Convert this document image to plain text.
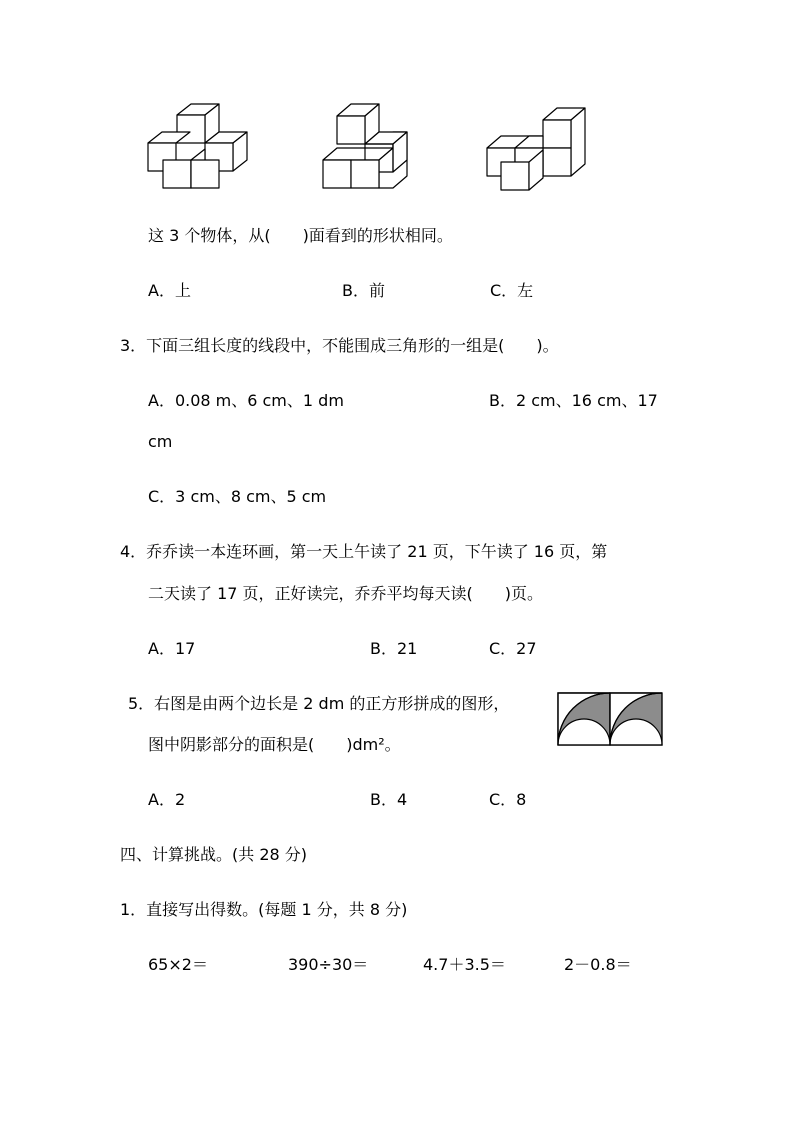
这 3 个物体，从(　　)面看到的形状相同。
A．上	B．前	C．左
3．下面三组长度的线段中，不能围成三角形的一组是(　　)。
A．0.08 m、6 cm、1 dm	B．2 cm、16 cm、17
cm
C．3 cm、8 cm、5 cm
4．乔乔读一本连环画，第一天上午读了 21 页，下午读了 16 页，第
二天读了 17 页，正好读完，乔乔平均每天读(　　)页。
A．17	B．21	C．27
5．右图是由两个边长是 2 dm 的正方形拼成的图形，
图中阴影部分的面积是(　　)dm²。
A．2	B．4	C．8
四、计算挑战。(共 28 分)
1．直接写出得数。(每题 1 分，共 8 分)
65×2＝	390÷30＝	4.7＋3.5＝	2－0.8＝
